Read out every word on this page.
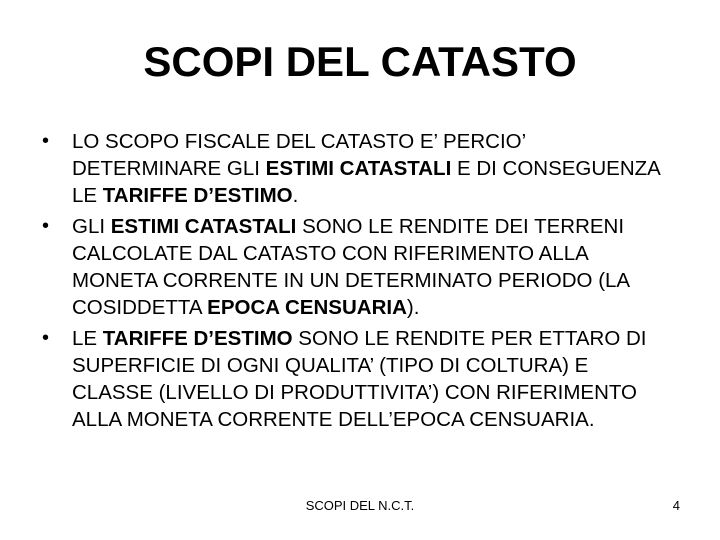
SCOPI DEL CATASTO
• LO SCOPO FISCALE DEL CATASTO E’ PERCIO’ DETERMINARE GLI ESTIMI CATASTALI E DI CONSEGUENZA LE TARIFFE D’ESTIMO.
• GLI ESTIMI CATASTALI SONO LE RENDITE DEI TERRENI CALCOLATE DAL CATASTO CON RIFERIMENTO ALLA MONETA CORRENTE IN UN DETERMINATO PERIODO (LA COSIDDETTA EPOCA CENSUARIA).
• LE TARIFFE D’ESTIMO SONO LE RENDITE PER ETTARO DI SUPERFICIE DI OGNI QUALITA’ (TIPO DI COLTURA) E CLASSE (LIVELLO DI PRODUTTIVITA’) CON RIFERIMENTO ALLA MONETA CORRENTE DELL’EPOCA CENSUARIA.
SCOPI DEL N.C.T.	4
